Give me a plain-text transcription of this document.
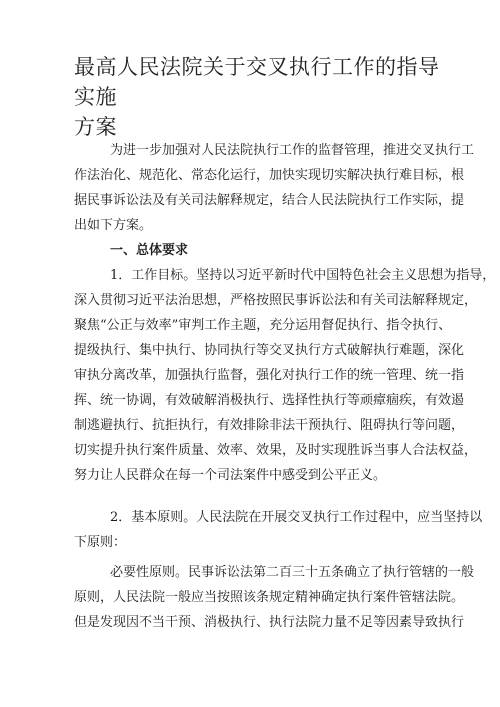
最高人民法院关于交叉执行工作的指导实施
方案
为进一步加强对人民法院执行工作的监督管理，推进交叉执行工
作法治化、规范化、常态化运行，加快实现切实解决执行难目标，根
据民事诉讼法及有关司法解释规定，结合人民法院执行工作实际，提
出如下方案。
一、总体要求
1．工作目标。坚持以习近平新时代中国特色社会主义思想为指导，
深入贯彻习近平法治思想，严格按照民事诉讼法和有关司法解释规定，
聚焦“公正与效率”审判工作主题，充分运用督促执行、指令执行、
提级执行、集中执行、协同执行等交叉执行方式破解执行难题，深化
审执分离改革，加强执行监督，强化对执行工作的统一管理、统一指
挥、统一协调，有效破解消极执行、选择性执行等顽瘴痼疾，有效遏
制逃避执行、抗拒执行，有效排除非法干预执行、阻碍执行等问题，
切实提升执行案件质量、效率、效果，及时实现胜诉当事人合法权益，
努力让人民群众在每一个司法案件中感受到公平正义。
2．基本原则。人民法院在开展交叉执行工作过程中，应当坚持以
下原则：
必要性原则。民事诉讼法第二百三十五条确立了执行管辖的一般
原则，人民法院一般应当按照该条规定精神确定执行案件管辖法院。
但是发现因不当干预、消极执行、执行法院力量不足等因素导致执行
